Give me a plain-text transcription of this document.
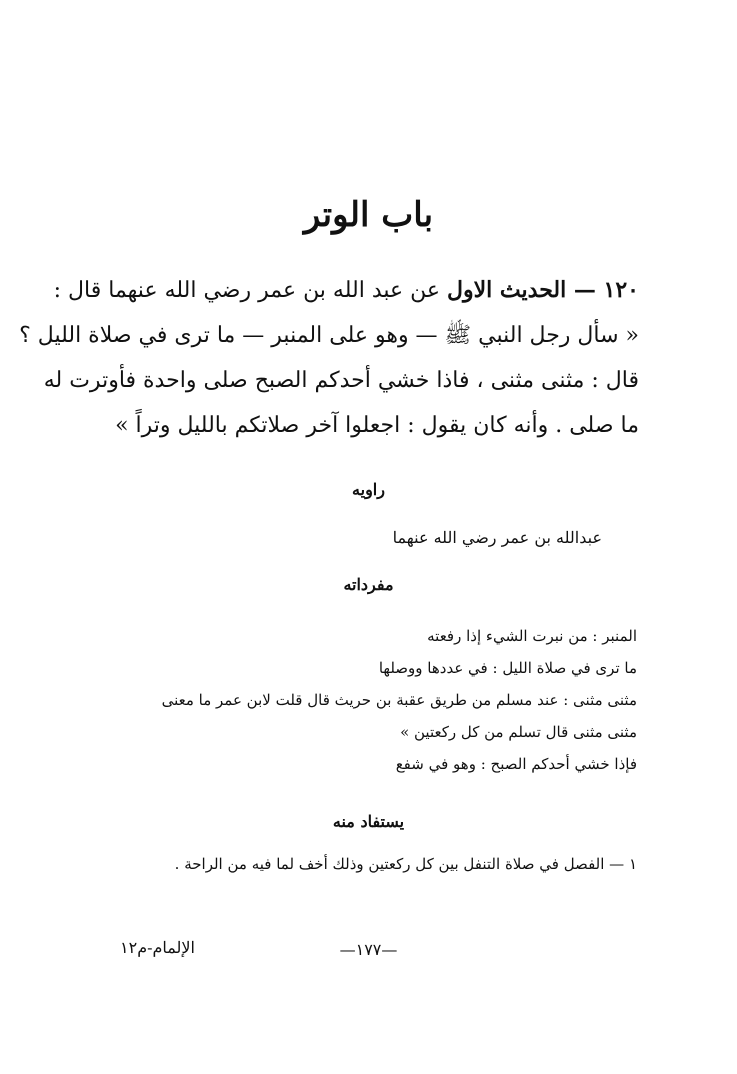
باب الوتر

١٢٠ — الحديث الاول عن عبد الله بن عمر رضي الله عنهما قال :

« سأل رجل النبي ﷺ — وهو على المنبر — ما ترى في صلاة الليل ؟

قال : مثنى مثنى ، فاذا خشي أحدكم الصبح صلى واحدة فأوترت له

ما صلى . وأنه كان يقول : اجعلوا آخر صلاتكم بالليل وتراً »

راويه

عبدالله بن عمر رضي الله عنهما

مفرداته
المنبر : من نبرت الشيء إذا رفعته
ما ترى في صلاة الليل : في عددها ووصلها
مثنى مثنى : عند مسلم من طريق عقبة بن حريث قال قلت لابن عمر ما معنى
مثنى مثنى قال تسلم من كل ركعتين »
فإذا خشي أحدكم الصبح : وهو في شفع
يستفاد منه

١ — الفصل في صلاة التنفل بين كل ركعتين وذلك أخف لما فيه من الراحة .

—١٧٧—

الإلمام-م١٢
